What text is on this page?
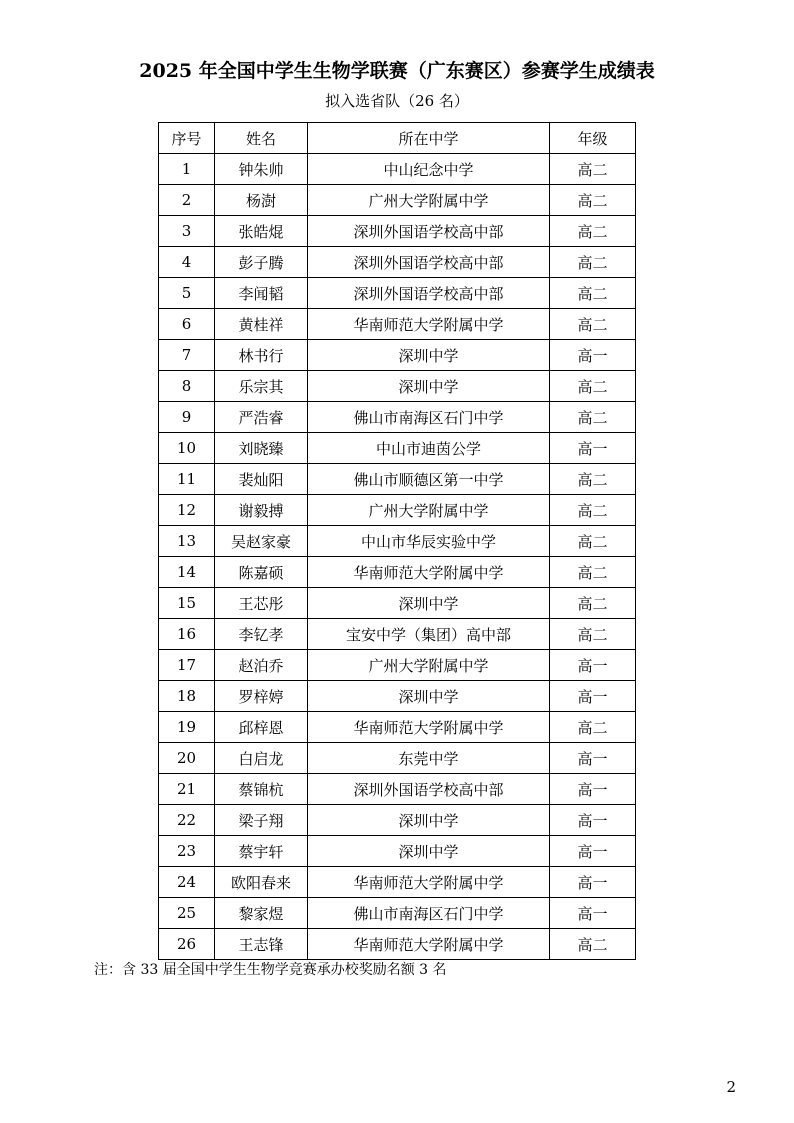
2025 年全国中学生生物学联赛（广东赛区）参赛学生成绩表
拟入选省队（26 名）
序号	姓名	所在中学	年级
1	钟朱帅	中山纪念中学	高二
2	杨澍	广州大学附属中学	高二
3	张皓焜	深圳外国语学校高中部	高二
4	彭子腾	深圳外国语学校高中部	高二
5	李闻韬	深圳外国语学校高中部	高二
6	黄桂祥	华南师范大学附属中学	高二
7	林书行	深圳中学	高一
8	乐宗其	深圳中学	高二
9	严浩睿	佛山市南海区石门中学	高二
10	刘晓臻	中山市迪茵公学	高一
11	裴灿阳	佛山市顺德区第一中学	高二
12	谢毅搏	广州大学附属中学	高二
13	吴赵家豪	中山市华辰实验中学	高二
14	陈嘉硕	华南师范大学附属中学	高二
15	王芯彤	深圳中学	高二
16	李钇孝	宝安中学（集团）高中部	高二
17	赵泊乔	广州大学附属中学	高一
18	罗梓婷	深圳中学	高一
19	邱梓恩	华南师范大学附属中学	高二
20	白启龙	东莞中学	高一
21	蔡锦杭	深圳外国语学校高中部	高一
22	梁子翔	深圳中学	高一
23	蔡宇轩	深圳中学	高一
24	欧阳春来	华南师范大学附属中学	高一
25	黎家煜	佛山市南海区石门中学	高一
26	王志锋	华南师范大学附属中学	高二
注：含 33 届全国中学生生物学竞赛承办校奖励名额 3 名
2
